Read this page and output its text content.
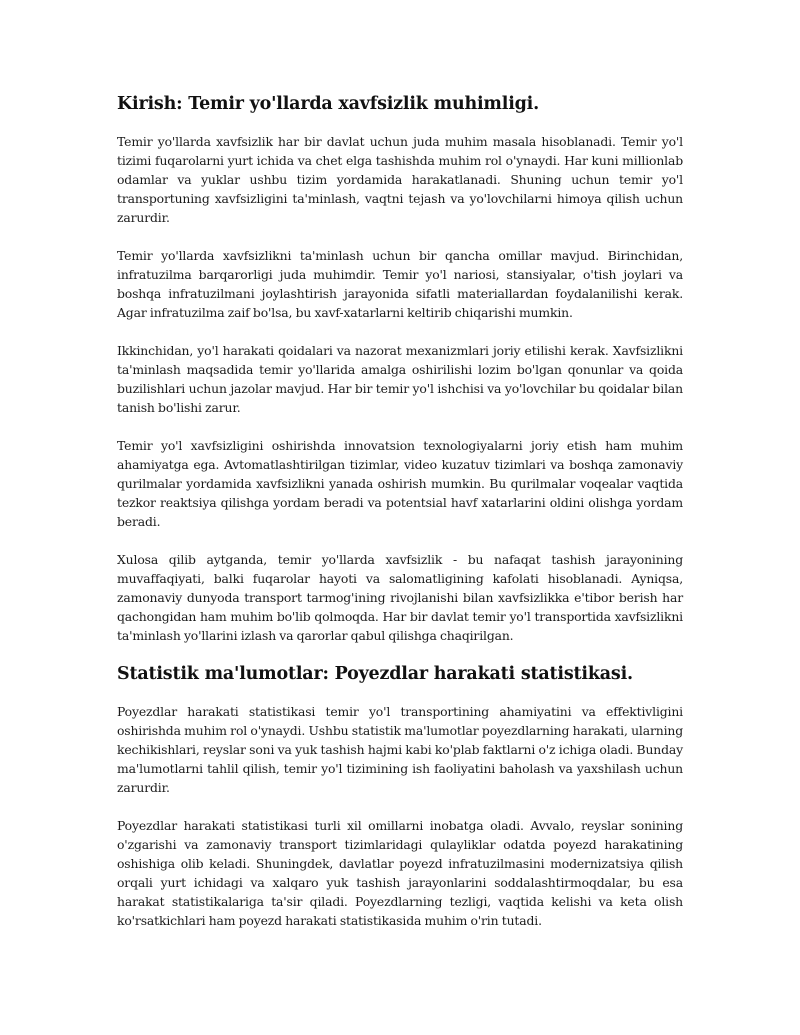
Kirish: Temir yo'llarda xavfsizlik muhimligi.

Temir yo'llarda xavfsizlik har bir davlat uchun juda muhim masala hisoblanadi. Temir yo'l tizimi fuqarolarni yurt ichida va chet elga tashishda muhim rol o'ynaydi. Har kuni millionlab odamlar va yuklar ushbu tizim yordamida harakatlanadi. Shuning uchun temir yo'l transportuning xavfsizligini ta'minlash, vaqtni tejash va yo'lovchilarni himoya qilish uchun zarurdir.

Temir yo'llarda xavfsizlikni ta'minlash uchun bir qancha omillar mavjud. Birinchidan, infratuzilma barqarorligi juda muhimdir. Temir yo'l nariosi, stansiyalar, o'tish joylari va boshqa infratuzilmani joylashtirish jarayonida sifatli materiallardan foydalanilishi kerak. Agar infratuzilma zaif bo'lsa, bu xavf-xatarlarni keltirib chiqarishi mumkin.

Ikkinchidan, yo'l harakati qoidalari va nazorat mexanizmlari joriy etilishi kerak. Xavfsizlikni ta'minlash maqsadida temir yo'llarida amalga oshirilishi lozim bo'lgan qonunlar va qoida buzilishlari uchun jazolar mavjud. Har bir temir yo'l ishchisi va yo'lovchilar bu qoidalar bilan tanish bo'lishi zarur.

Temir yo'l xavfsizligini oshirishda innovatsion texnologiyalarni joriy etish ham muhim ahamiyatga ega. Avtomatlashtirilgan tizimlar, video kuzatuv tizimlari va boshqa zamonaviy qurilmalar yordamida xavfsizlikni yanada oshirish mumkin. Bu qurilmalar voqealar vaqtida tezkor reaktsiya qilishga yordam beradi va potentsial havf xatarlarini oldini olishga yordam beradi.

Xulosa qilib aytganda, temir yo'llarda xavfsizlik - bu nafaqat tashish jarayonining muvaffaqiyati, balki fuqarolar hayoti va salomatligining kafolati hisoblanadi. Ayniqsa, zamonaviy dunyoda transport tarmog'ining rivojlanishi bilan xavfsizlikka e'tibor berish har qachongidan ham muhim bo'lib qolmoqda. Har bir davlat temir yo'l transportida xavfsizlikni ta'minlash yo'llarini izlash va qarorlar qabul qilishga chaqirilgan.

Statistik ma'lumotlar: Poyezdlar harakati statistikasi.

Poyezdlar harakati statistikasi temir yo'l transportining ahamiyatini va effektivligini oshirishda muhim rol o'ynaydi. Ushbu statistik ma'lumotlar poyezdlarning harakati, ularning kechikishlari, reyslar soni va yuk tashish hajmi kabi ko'plab faktlarni o'z ichiga oladi. Bunday ma'lumotlarni tahlil qilish, temir yo'l tizimining ish faoliyatini baholash va yaxshilash uchun zarurdir.

Poyezdlar harakati statistikasi turli xil omillarni inobatga oladi. Avvalo, reyslar sonining o'zgarishi va zamonaviy transport tizimlaridagi qulayliklar odatda poyezd harakatining oshishiga olib keladi. Shuningdek, davlatlar poyezd infratuzilmasini modernizatsiya qilish orqali yurt ichidagi va xalqaro yuk tashish jarayonlarini soddalashtirmoqdalar, bu esa harakat statistikalariga ta'sir qiladi. Poyezdlarning tezligi, vaqtida kelishi va keta olish ko'rsatkichlari ham poyezd harakati statistikasida muhim o'rin tutadi.
